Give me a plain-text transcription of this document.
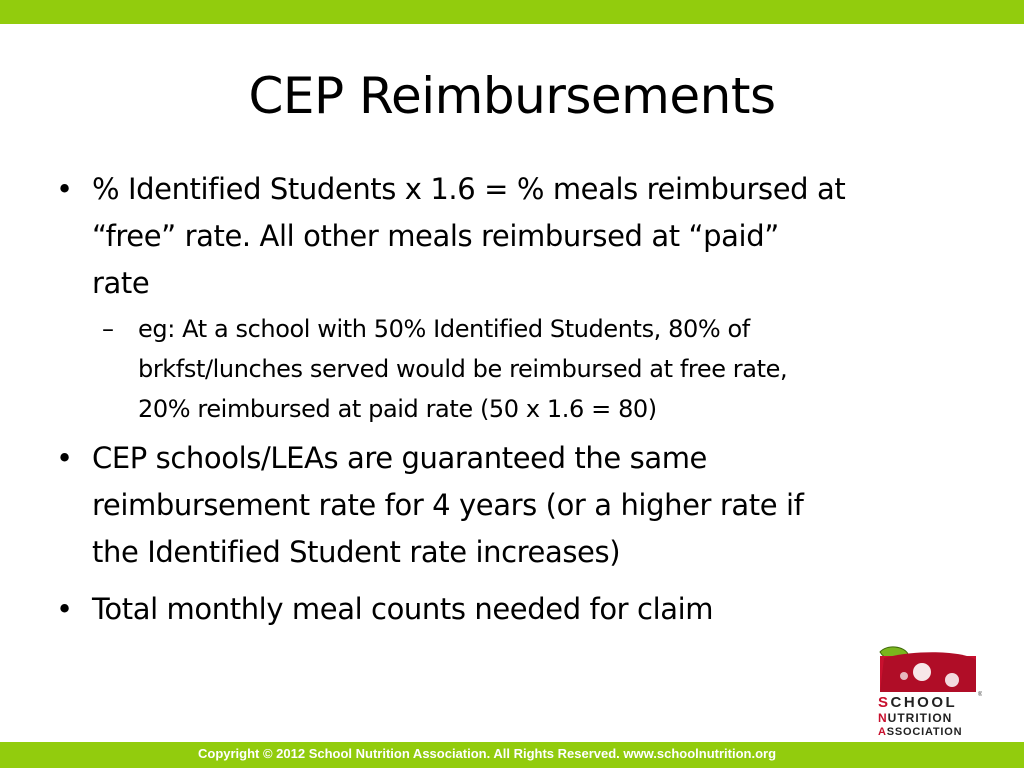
CEP Reimbursements
• % Identified Students x 1.6 = % meals reimbursed at
“free” rate. All other meals reimbursed at “paid”
rate
– eg: At a school with 50% Identified Students, 80% of
brkfst/lunches served would be reimbursed at free rate,
20% reimbursed at paid rate (50 x 1.6 = 80)
• CEP schools/LEAs are guaranteed the same
reimbursement rate for 4 years (or a higher rate if
the Identified Student rate increases)
• Total monthly meal counts needed for claim
®
SCHOOL
NUTRITION
ASSOCIATION
Copyright © 2012 School Nutrition Association. All Rights Reserved. www.schoolnutrition.org
